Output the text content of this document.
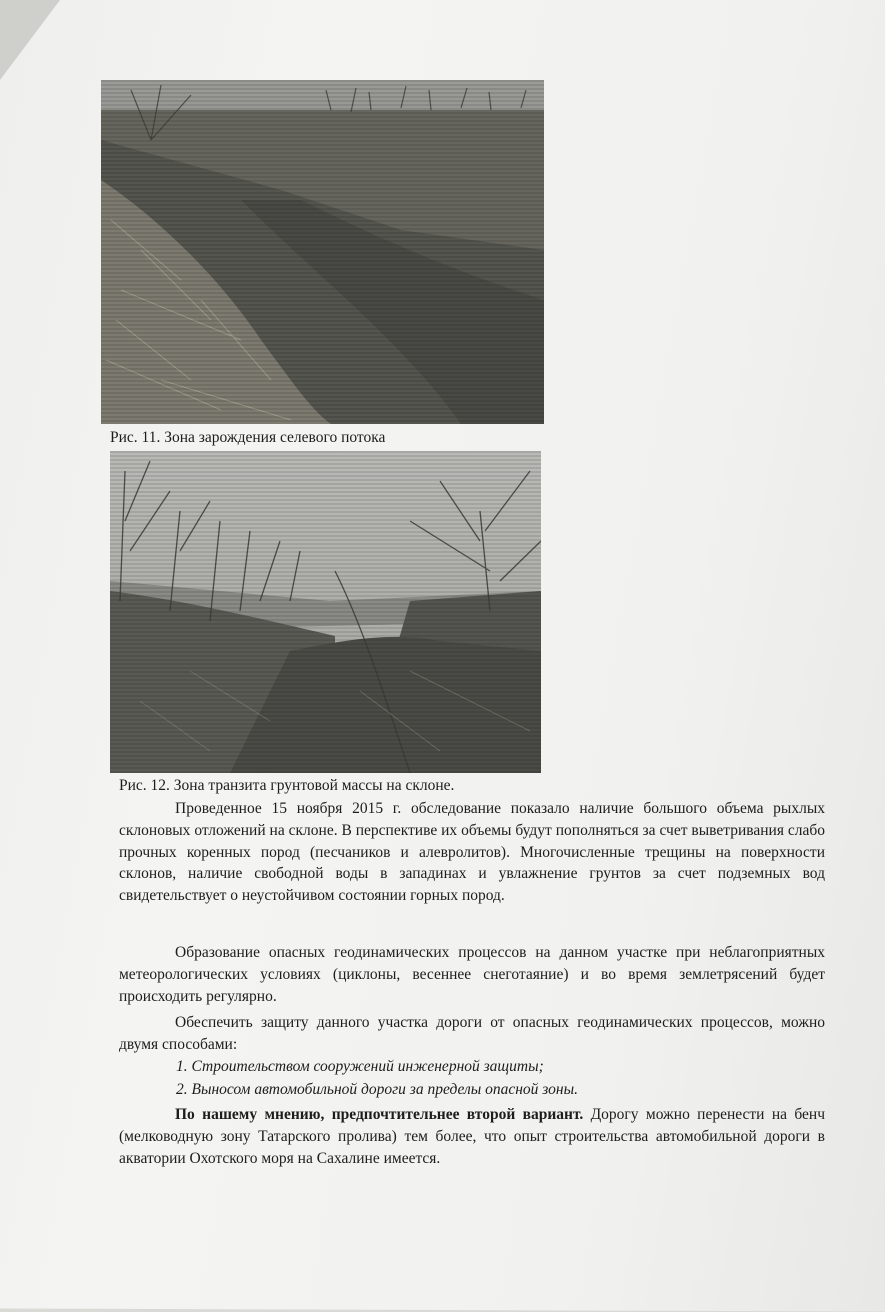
Рис. 11. Зона зарождения селевого потока
Рис. 12. Зона транзита грунтовой массы на склоне.

Проведенное 15 ноября 2015 г. обследование показало наличие большого объема рыхлых склоновых отложений на склоне. В перспективе их объемы будут пополняться за счет выветривания слабо прочных коренных пород (песчаников и алевролитов). Многочисленные трещины на поверхности склонов, наличие свободной воды в западинах и увлажнение грунтов за счет подземных вод свидетельствует о неустойчивом состоянии горных пород.

Образование опасных геодинамических процессов на данном участке при неблагоприятных метеорологических условиях (циклоны, весеннее снеготаяние) и во время землетрясений будет происходить регулярно.

Обеспечить защиту данного участка дороги от опасных геодинамических процессов, можно двумя способами:

1. Строительством сооружений инженерной защиты;

2. Выносом автомобильной дороги за пределы опасной зоны.

По нашему мнению, предпочтительнее второй вариант. Дорогу можно перенести на бенч (мелководную зону Татарского пролива) тем более, что опыт строительства автомобильной дороги в акватории Охотского моря на Сахалине имеется.
